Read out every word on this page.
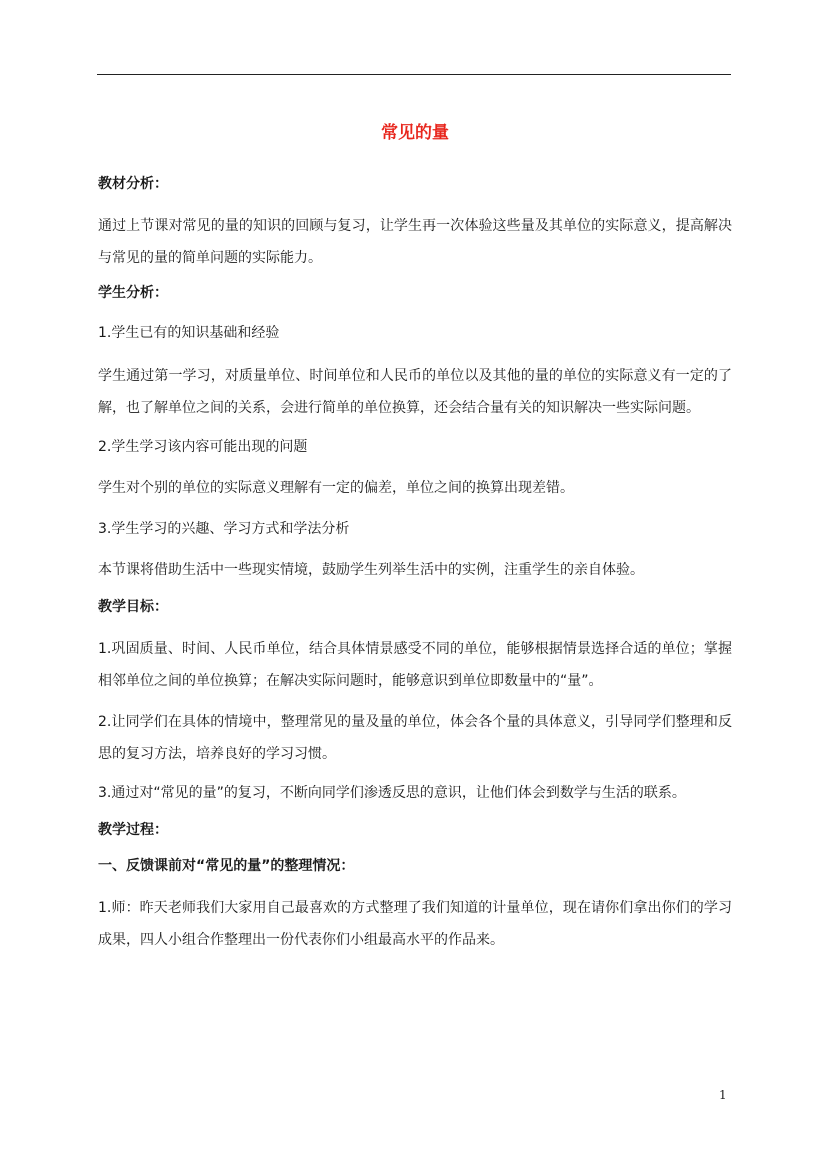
常见的量
教材分析：
通过上节课对常见的量的知识的回顾与复习，让学生再一次体验这些量及其单位的实际意义，提高解决与常见的量的简单问题的实际能力。
学生分析：
1.学生已有的知识基础和经验
学生通过第一学习，对质量单位、时间单位和人民币的单位以及其他的量的单位的实际意义有一定的了解，也了解单位之间的关系，会进行简单的单位换算，还会结合量有关的知识解决一些实际问题。
2.学生学习该内容可能出现的问题
学生对个别的单位的实际意义理解有一定的偏差，单位之间的换算出现差错。
3.学生学习的兴趣、学习方式和学法分析
本节课将借助生活中一些现实情境，鼓励学生列举生活中的实例，注重学生的亲自体验。
教学目标：
1.巩固质量、时间、人民币单位，结合具体情景感受不同的单位，能够根据情景选择合适的单位；掌握相邻单位之间的单位换算；在解决实际问题时，能够意识到单位即数量中的“量”。
2.让同学们在具体的情境中，整理常见的量及量的单位，体会各个量的具体意义，引导同学们整理和反思的复习方法，培养良好的学习习惯。
3.通过对“常见的量”的复习，不断向同学们渗透反思的意识，让他们体会到数学与生活的联系。
教学过程：
一、反馈课前对“常见的量”的整理情况：
1.师：昨天老师我们大家用自己最喜欢的方式整理了我们知道的计量单位，现在请你们拿出你们的学习成果，四人小组合作整理出一份代表你们小组最高水平的作品来。
1
